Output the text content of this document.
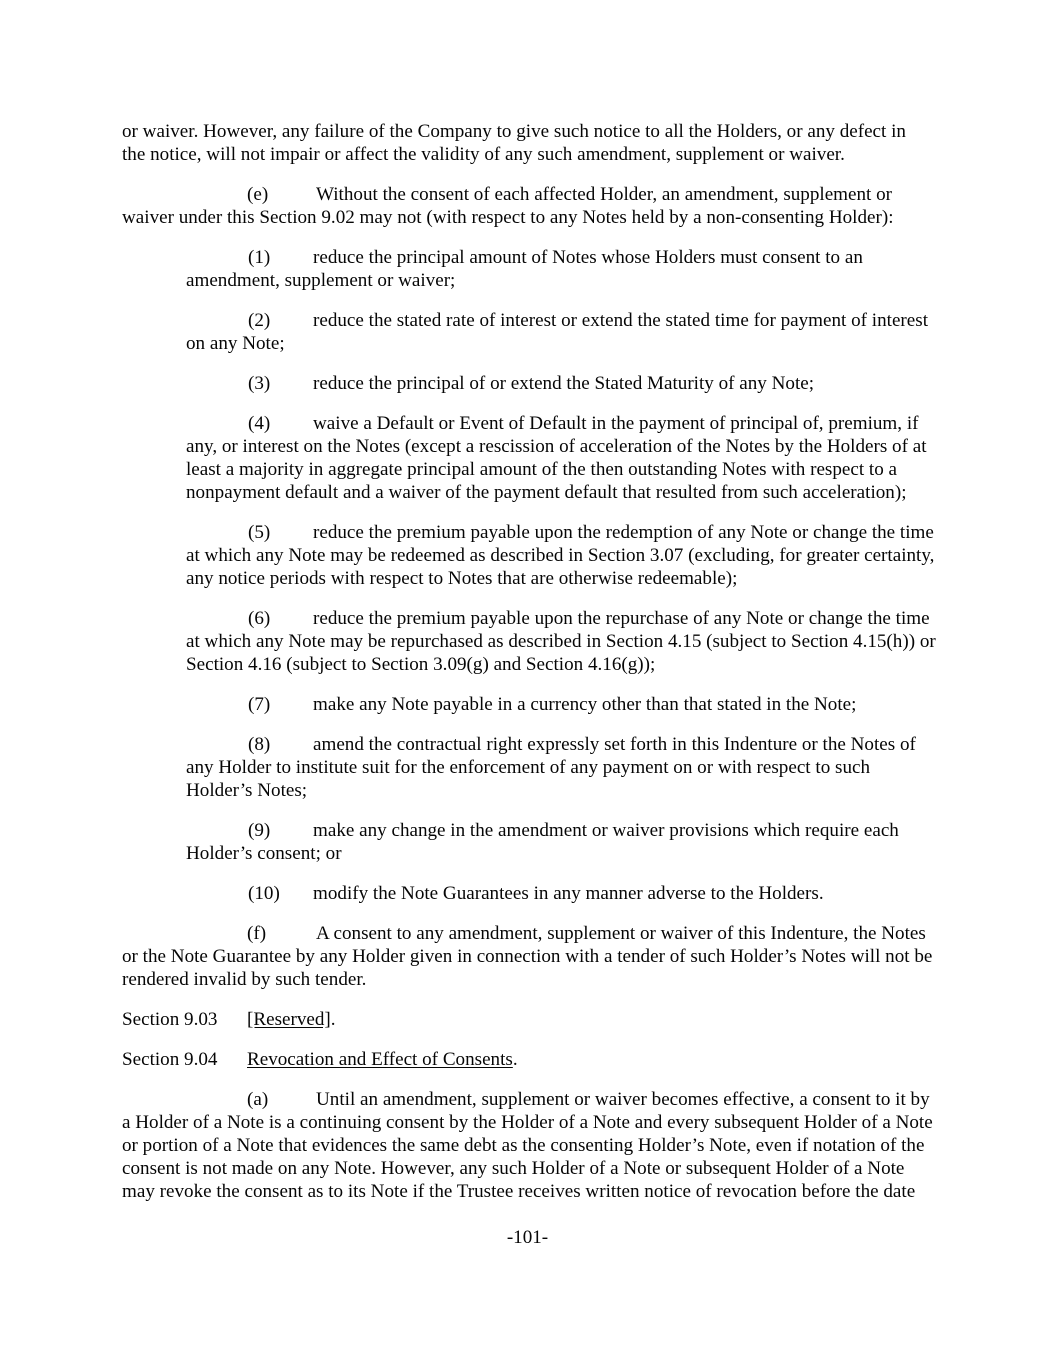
or waiver. However, any failure of the Company to give such notice to all the Holders, or any defect in
the notice, will not impair or affect the validity of any such amendment, supplement or waiver.
(e)	Without the consent of each affected Holder, an amendment, supplement or
waiver under this Section 9.02 may not (with respect to any Notes held by a non-consenting Holder):
(1) reduce the principal amount of Notes whose Holders must consent to an
amendment, supplement or waiver;
(2) reduce the stated rate of interest or extend the stated time for payment of interest
on any Note;
(3) reduce the principal of or extend the Stated Maturity of any Note;
(4) waive a Default or Event of Default in the payment of principal of, premium, if
any, or interest on the Notes (except a rescission of acceleration of the Notes by the Holders of at
least a majority in aggregate principal amount of the then outstanding Notes with respect to a
nonpayment default and a waiver of the payment default that resulted from such acceleration);
(5) reduce the premium payable upon the redemption of any Note or change the time
at which any Note may be redeemed as described in Section 3.07 (excluding, for greater certainty,
any notice periods with respect to Notes that are otherwise redeemable);
(6) reduce the premium payable upon the repurchase of any Note or change the time
at which any Note may be repurchased as described in Section 4.15 (subject to Section 4.15(h)) or
Section 4.16 (subject to Section 3.09(g) and Section 4.16(g));
(7) make any Note payable in a currency other than that stated in the Note;
(8) amend the contractual right expressly set forth in this Indenture or the Notes of
any Holder to institute suit for the enforcement of any payment on or with respect to such
Holder’s Notes;
(9) make any change in the amendment or waiver provisions which require each
Holder’s consent; or
(10) modify the Note Guarantees in any manner adverse to the Holders.
(f)	A consent to any amendment, supplement or waiver of this Indenture, the Notes
or the Note Guarantee by any Holder given in connection with a tender of such Holder’s Notes will not be
rendered invalid by such tender.
Section 9.03 [Reserved].
Section 9.04 Revocation and Effect of Consents.
(a)	Until an amendment, supplement or waiver becomes effective, a consent to it by
a Holder of a Note is a continuing consent by the Holder of a Note and every subsequent Holder of a Note
or portion of a Note that evidences the same debt as the consenting Holder’s Note, even if notation of the
consent is not made on any Note. However, any such Holder of a Note or subsequent Holder of a Note
may revoke the consent as to its Note if the Trustee receives written notice of revocation before the date
-101-
